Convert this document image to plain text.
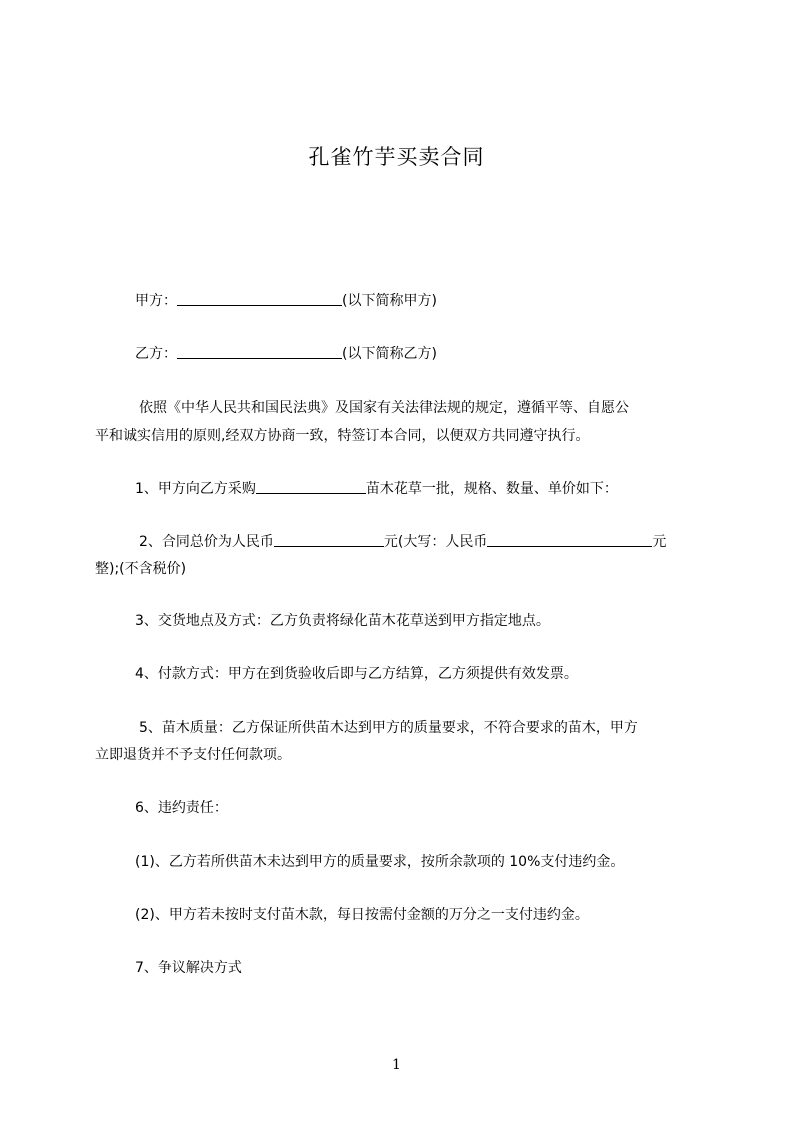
孔雀竹芋买卖合同
甲方：	(以下简称甲方)
乙方：	(以下简称乙方)
依照《中华人民共和国民法典》及国家有关法律法规的规定，遵循平等、自愿公
平和诚实信用的原则,经双方协商一致，特签订本合同，以便双方共同遵守执行。
1、甲方向乙方采购	苗木花草一批，规格、数量、单价如下：
2、合同总价为人民币	元(大写：人民币	元
整);(不含税价)
3、交货地点及方式：乙方负责将绿化苗木花草送到甲方指定地点。
4、付款方式：甲方在到货验收后即与乙方结算，乙方须提供有效发票。
5、苗木质量：乙方保证所供苗木达到甲方的质量要求，不符合要求的苗木，甲方
立即退货并不予支付任何款项。
6、违约责任：
(1)、乙方若所供苗木未达到甲方的质量要求，按所余款项的 10%支付违约金。
(2)、甲方若未按时支付苗木款，每日按需付金额的万分之一支付违约金。
7、争议解决方式
1
